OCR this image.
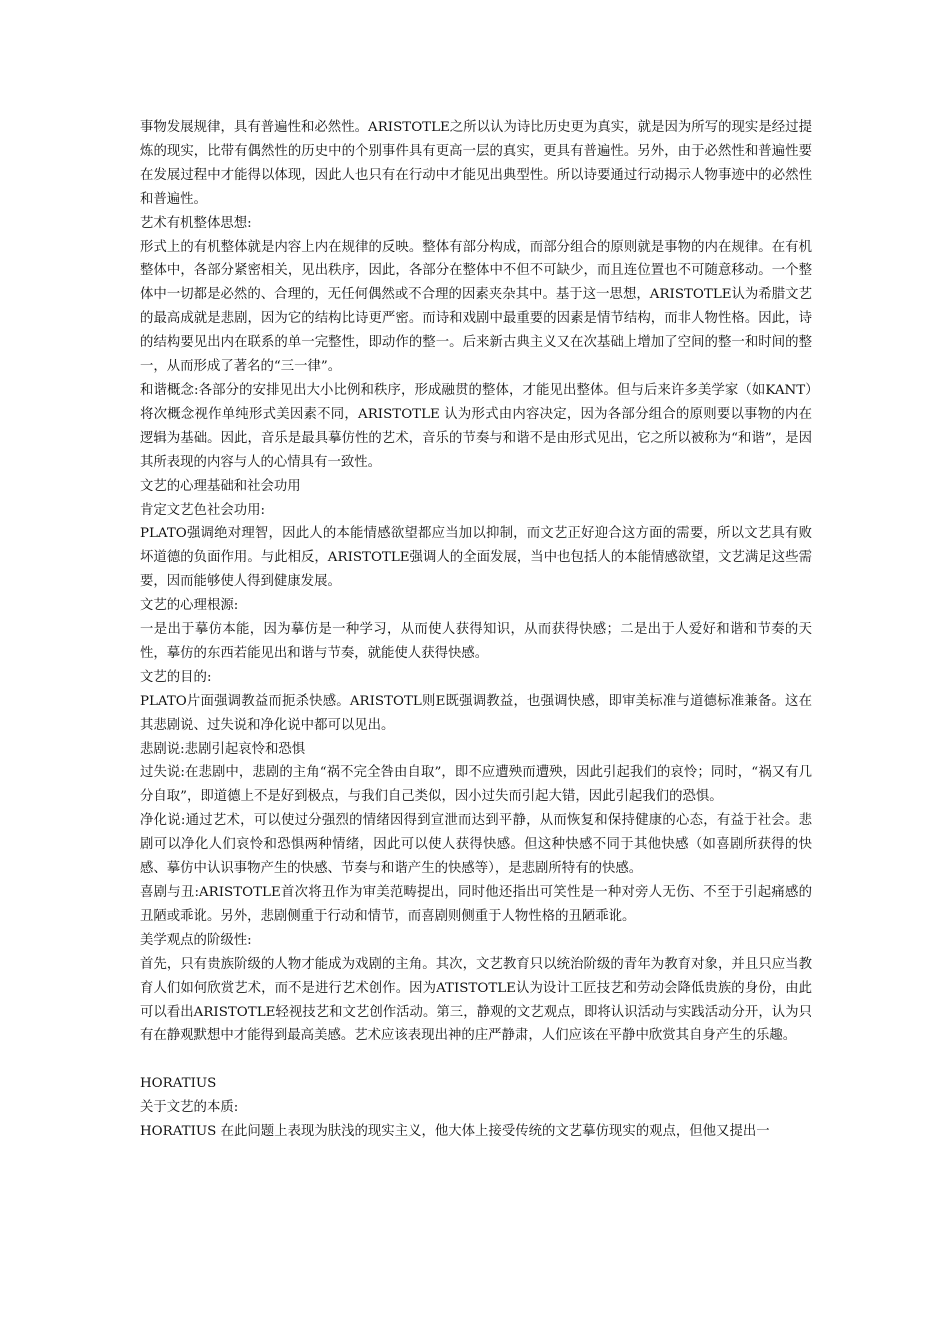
事物发展规律，具有普遍性和必然性。ARISTOTLE之所以认为诗比历史更为真实，就是因为所写的现实是经过提炼的现实，比带有偶然性的历史中的个别事件具有更高一层的真实，更具有普遍性。另外，由于必然性和普遍性要在发展过程中才能得以体现，因此人也只有在行动中才能见出典型性。所以诗要通过行动揭示人物事迹中的必然性和普遍性。

艺术有机整体思想:

形式上的有机整体就是内容上内在规律的反映。整体有部分构成，而部分组合的原则就是事物的内在规律。在有机整体中，各部分紧密相关，见出秩序，因此，各部分在整体中不但不可缺少，而且连位置也不可随意移动。一个整体中一切都是必然的、合理的，无任何偶然或不合理的因素夹杂其中。基于这一思想，ARISTOTLE认为希腊文艺的最高成就是悲剧，因为它的结构比诗更严密。而诗和戏剧中最重要的因素是情节结构，而非人物性格。因此，诗的结构要见出内在联系的单一完整性，即动作的整一。后来新古典主义又在次基础上增加了空间的整一和时间的整一，从而形成了著名的“三一律”。

和谐概念:各部分的安排见出大小比例和秩序，形成融贯的整体，才能见出整体。但与后来许多美学家（如KANT）将次概念视作单纯形式美因素不同，ARISTOTLE 认为形式由内容决定，因为各部分组合的原则要以事物的内在逻辑为基础。因此，音乐是最具摹仿性的艺术，音乐的节奏与和谐不是由形式见出，它之所以被称为“和谐”，是因其所表现的内容与人的心情具有一致性。

文艺的心理基础和社会功用

肯定文艺色社会功用:

PLATO强调绝对理智，因此人的本能情感欲望都应当加以抑制，而文艺正好迎合这方面的需要，所以文艺具有败坏道德的负面作用。与此相反，ARISTOTLE强调人的全面发展，当中也包括人的本能情感欲望，文艺满足这些需要，因而能够使人得到健康发展。

文艺的心理根源:

一是出于摹仿本能，因为摹仿是一种学习，从而使人获得知识，从而获得快感；二是出于人爱好和谐和节奏的天性，摹仿的东西若能见出和谐与节奏，就能使人获得快感。

文艺的目的:

PLATO片面强调教益而扼杀快感。ARISTOTL则E既强调教益，也强调快感，即审美标准与道德标准兼备。这在其悲剧说、过失说和净化说中都可以见出。

悲剧说:悲剧引起哀怜和恐惧

过失说:在悲剧中，悲剧的主角“祸不完全咎由自取”，即不应遭殃而遭殃，因此引起我们的哀怜；同时，“祸又有几分自取”，即道德上不是好到极点，与我们自己类似，因小过失而引起大错，因此引起我们的恐惧。

净化说:通过艺术，可以使过分强烈的情绪因得到宣泄而达到平静，从而恢复和保持健康的心态，有益于社会。悲剧可以净化人们哀怜和恐惧两种情绪，因此可以使人获得快感。但这种快感不同于其他快感（如喜剧所获得的快感、摹仿中认识事物产生的快感、节奏与和谐产生的快感等），是悲剧所特有的快感。

喜剧与丑:ARISTOTLE首次将丑作为审美范畴提出，同时他还指出可笑性是一种对旁人无伤、不至于引起痛感的丑陋或乖讹。另外，悲剧侧重于行动和情节，而喜剧则侧重于人物性格的丑陋乖讹。

美学观点的阶级性:

首先，只有贵族阶级的人物才能成为戏剧的主角。其次，文艺教育只以统治阶级的青年为教育对象，并且只应当教育人们如何欣赏艺术，而不是进行艺术创作。因为ATISTOTLE认为设计工匠技艺和劳动会降低贵族的身份，由此可以看出ARISTOTLE轻视技艺和文艺创作活动。第三，静观的文艺观点，即将认识活动与实践活动分开，认为只有在静观默想中才能得到最高美感。艺术应该表现出神的庄严静肃，人们应该在平静中欣赏其自身产生的乐趣。

HORATIUS

关于文艺的本质:

HORATIUS 在此问题上表现为肤浅的现实主义，他大体上接受传统的文艺摹仿现实的观点，但他又提出一
